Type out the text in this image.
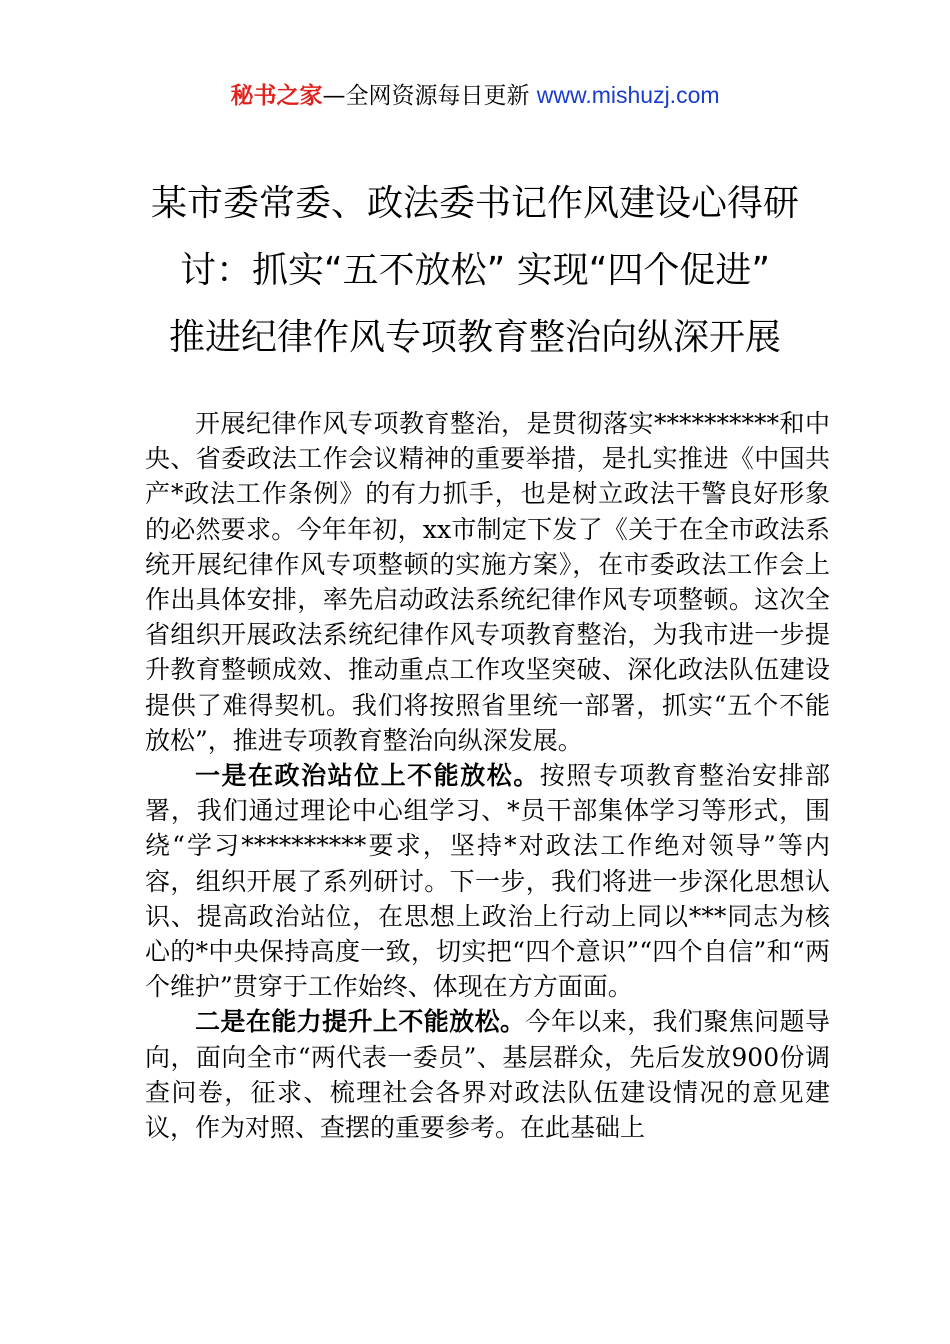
秘书之家—全网资源每日更新 www.mishuzj.com
某市委常委、政法委书记作风建设心得研
讨：抓实“五不放松” 实现“四个促进”
推进纪律作风专项教育整治向纵深开展

开展纪律作风专项教育整治，是贯彻落实**********和中央、省委政法工作会议精神的重要举措，是扎实推进《中国共产*政法工作条例》的有力抓手，也是树立政法干警良好形象的必然要求。今年年初，xx市制定下发了《关于在全市政法系统开展纪律作风专项整顿的实施方案》，在市委政法工作会上作出具体安排，率先启动政法系统纪律作风专项整顿。这次全省组织开展政法系统纪律作风专项教育整治，为我市进一步提升教育整顿成效、推动重点工作攻坚突破、深化政法队伍建设提供了难得契机。我们将按照省里统一部署，抓实“五个不能放松”，推进专项教育整治向纵深发展。

一是在政治站位上不能放松。按照专项教育整治安排部署，我们通过理论中心组学习、*员干部集体学习等形式，围绕“学习**********要求，坚持*对政法工作绝对领导”等内容，组织开展了系列研讨。下一步，我们将进一步深化思想认识、提高政治站位，在思想上政治上行动上同以***同志为核心的*中央保持高度一致，切实把“四个意识”“四个自信”和“两个维护”贯穿于工作始终、体现在方方面面。

二是在能力提升上不能放松。今年以来，我们聚焦问题导向，面向全市“两代表一委员”、基层群众，先后发放900份调查问卷，征求、梳理社会各界对政法队伍建设情况的意见建议，作为对照、查摆的重要参考。在此基础上
